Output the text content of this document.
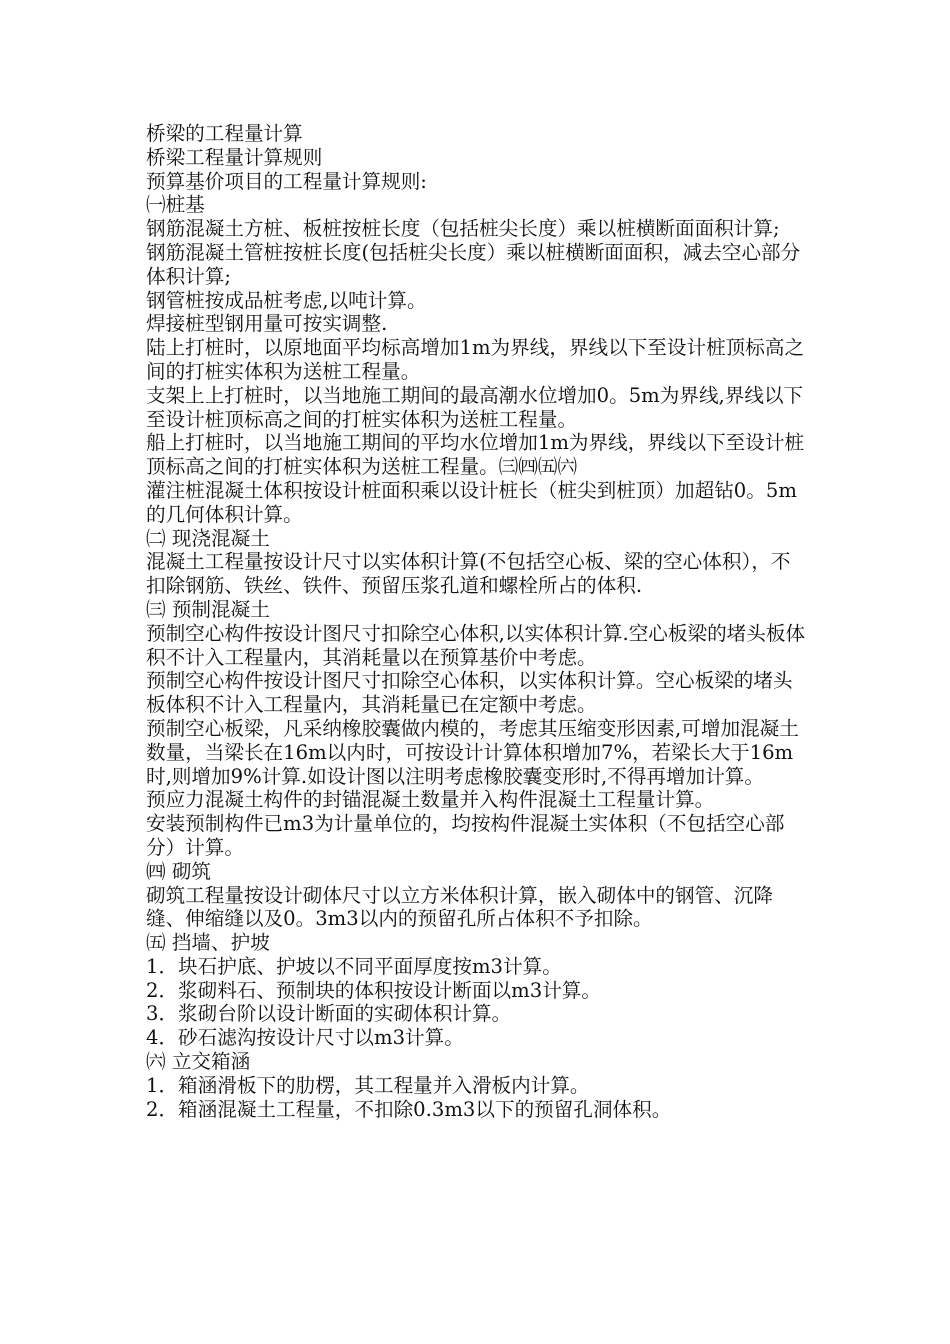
桥梁的工程量计算

桥梁工程量计算规则

预算基价项目的工程量计算规则:

㈠桩基

钢筋混凝土方桩、板桩按桩长度（包括桩尖长度）乘以桩横断面面积计算;

钢筋混凝土管桩按桩长度(包括桩尖长度）乘以桩横断面面积，减去空心部分体积计算;

钢管桩按成品桩考虑,以吨计算。

焊接桩型钢用量可按实调整.

陆上打桩时，以原地面平均标高增加1m为界线，界线以下至设计桩顶标高之间的打桩实体积为送桩工程量。

支架上上打桩时，以当地施工期间的最高潮水位增加0。5m为界线,界线以下至设计桩顶标高之间的打桩实体积为送桩工程量。

船上打桩时，以当地施工期间的平均水位增加1m为界线，界线以下至设计桩顶标高之间的打桩实体积为送桩工程量。㈢㈣㈤㈥

灌注桩混凝土体积按设计桩面积乘以设计桩长（桩尖到桩顶）加超钻0。5m的几何体积计算。

㈡ 现浇混凝土

混凝土工程量按设计尺寸以实体积计算(不包括空心板、梁的空心体积），不扣除钢筋、铁丝、铁件、预留压浆孔道和螺栓所占的体积.

㈢ 预制混凝土

预制空心构件按设计图尺寸扣除空心体积,以实体积计算.空心板梁的堵头板体积不计入工程量内，其消耗量以在预算基价中考虑。

预制空心构件按设计图尺寸扣除空心体积，以实体积计算。空心板梁的堵头板体积不计入工程量内，其消耗量已在定额中考虑。

预制空心板梁，凡采纳橡胶囊做内模的，考虑其压缩变形因素,可增加混凝土数量，当梁长在16m以内时，可按设计计算体积增加7%，若梁长大于16m时,则增加9%计算.如设计图以注明考虑橡胶囊变形时,不得再增加计算。

预应力混凝土构件的封锚混凝土数量并入构件混凝土工程量计算。

安装预制构件已m3为计量单位的，均按构件混凝土实体积（不包括空心部分）计算。

㈣ 砌筑

砌筑工程量按设计砌体尺寸以立方米体积计算，嵌入砌体中的钢管、沉降缝、伸缩缝以及0。3m3以内的预留孔所占体积不予扣除。

㈤ 挡墙、护坡

1．块石护底、护坡以不同平面厚度按m3计算。

2．浆砌料石、预制块的体积按设计断面以m3计算。

3．浆砌台阶以设计断面的实砌体积计算。

4．砂石滤沟按设计尺寸以m3计算。

㈥ 立交箱涵

1．箱涵滑板下的肋楞，其工程量并入滑板内计算。

2．箱涵混凝土工程量，不扣除0.3m3以下的预留孔洞体积。
